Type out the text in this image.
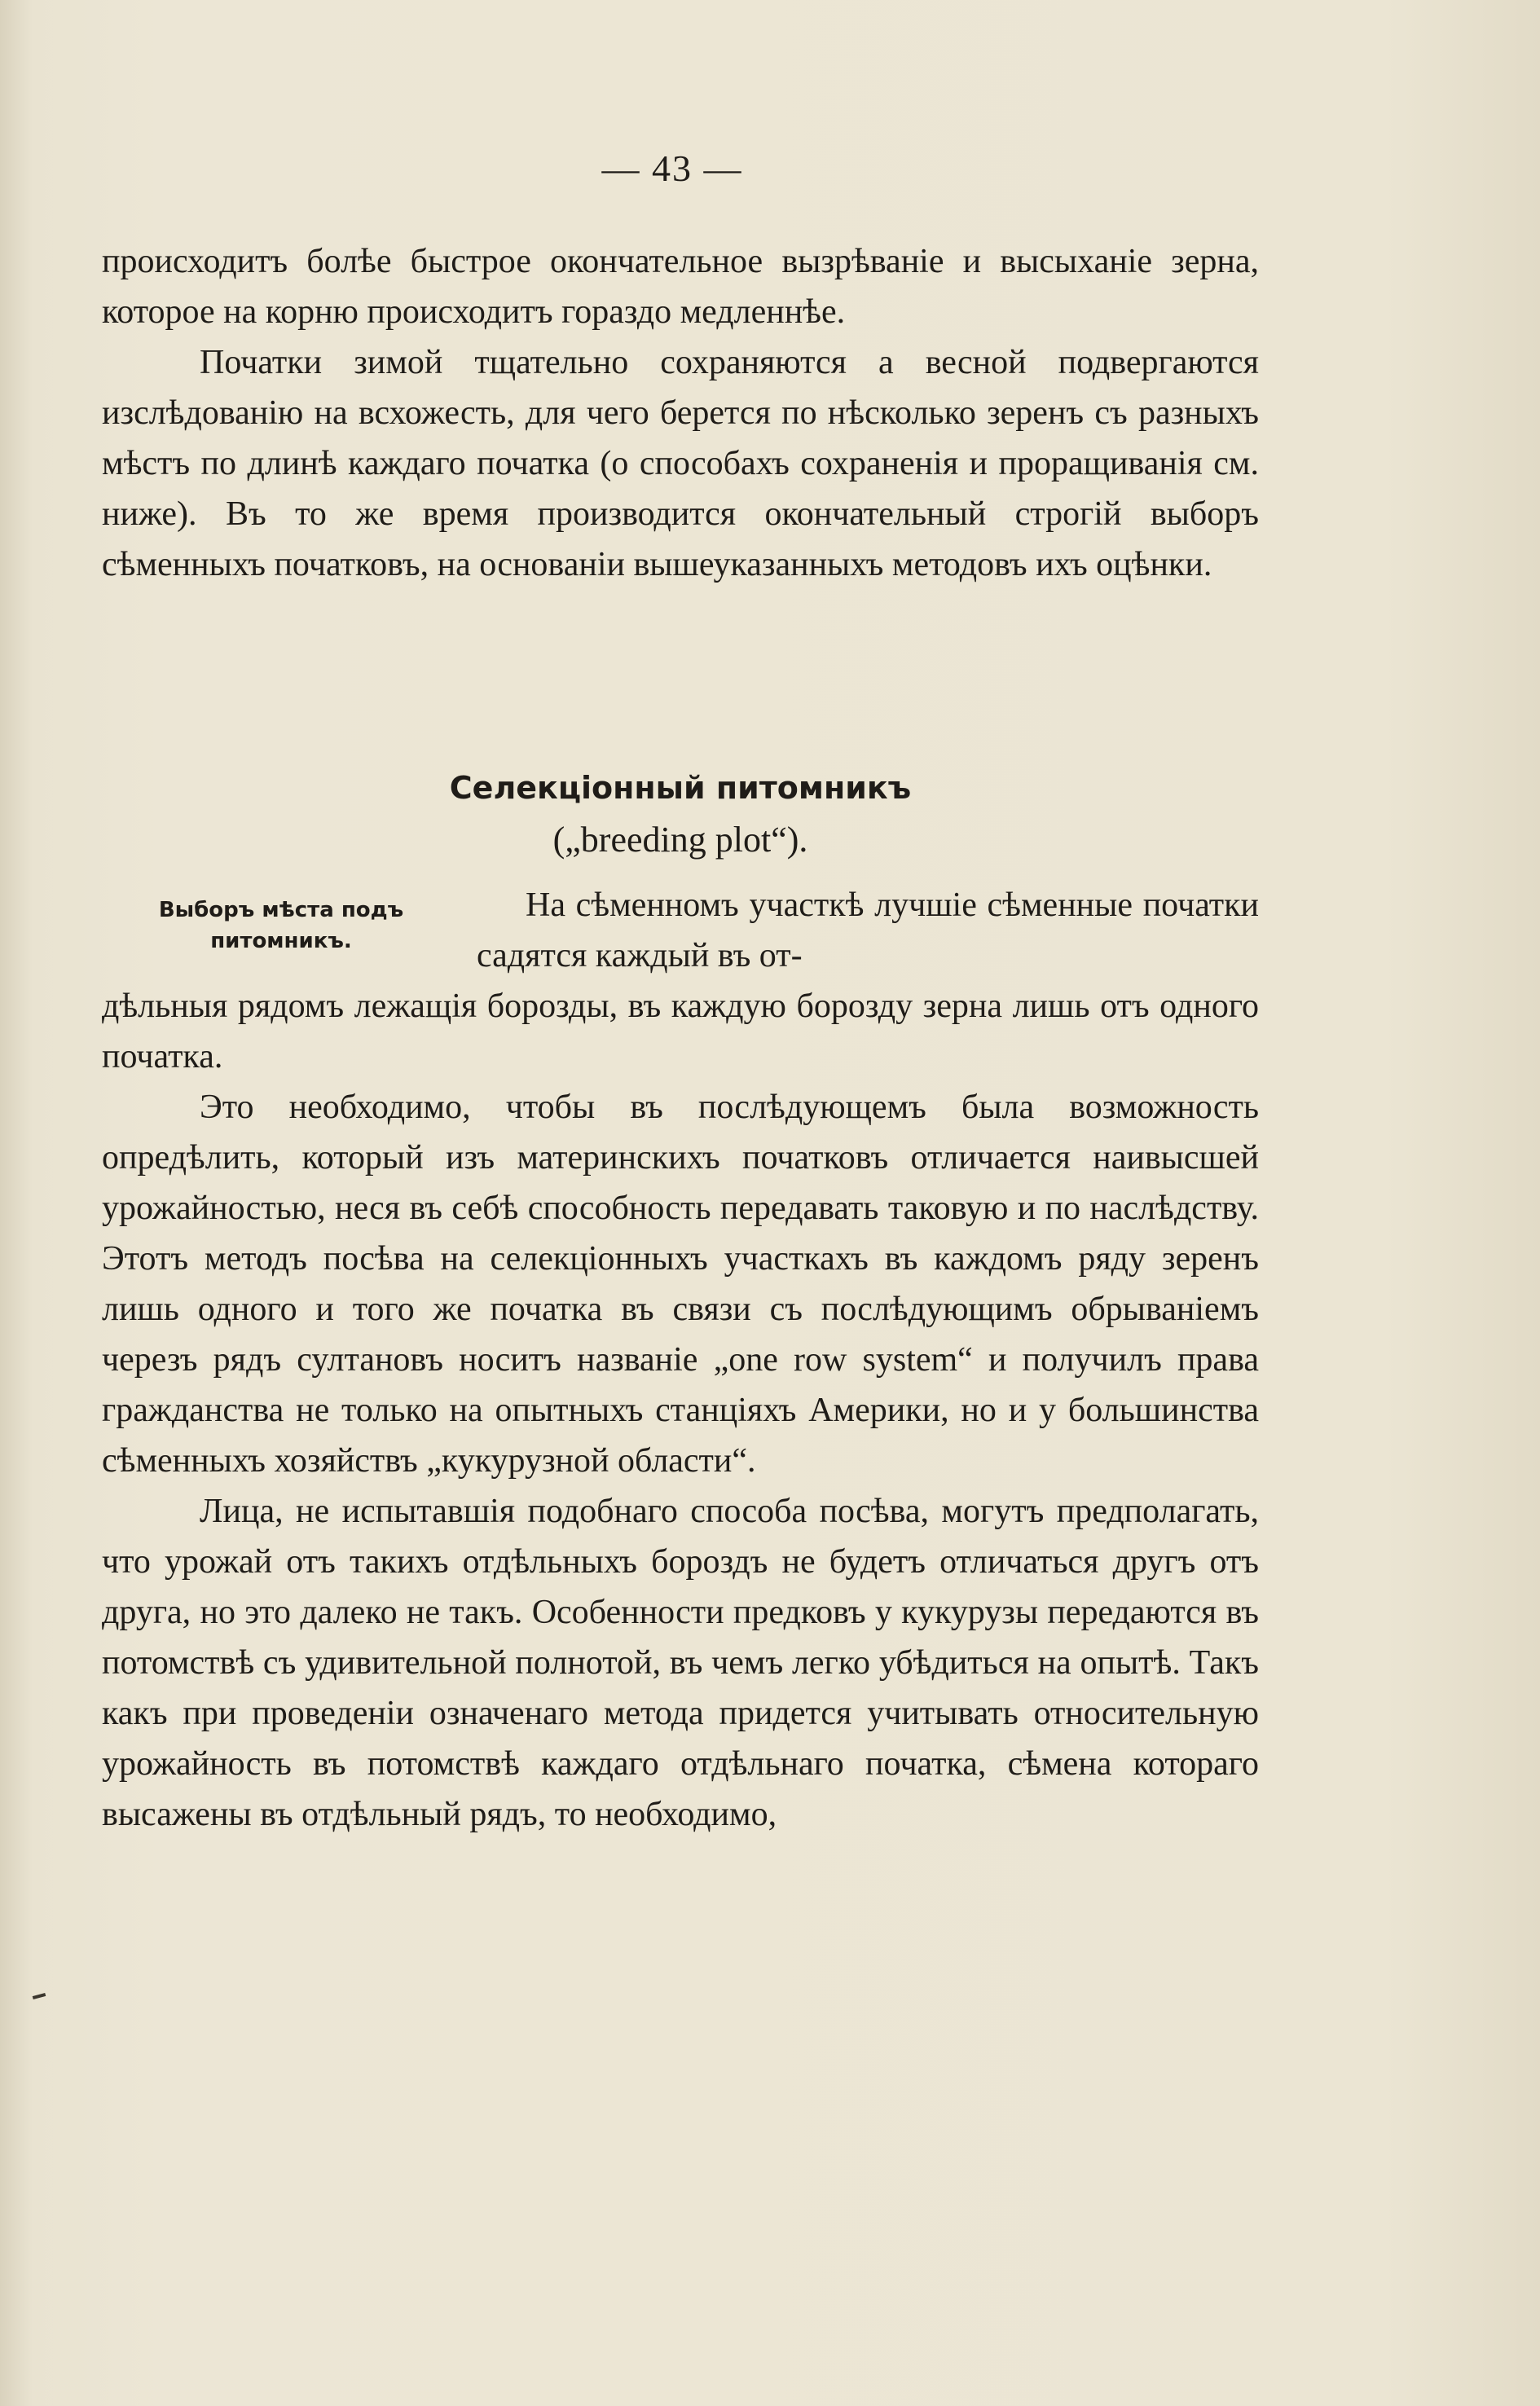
— 43 —

происходитъ болѣе быстрое окончательное вызрѣваніе и высыханіе зерна, которое на корню происходитъ гораздо медленнѣе.

Початки зимой тщательно сохраняются а весной подвергаются изслѣдованію на всхожесть, для чего берется по нѣсколько зеренъ съ разныхъ мѣстъ по длинѣ каждаго початка (о способахъ сохраненія и проращиванія см. ниже). Въ то же время производится окончательный строгій выборъ сѣменныхъ початковъ, на основаніи вышеуказанныхъ методовъ ихъ оцѣнки.

Селекціонный питомникъ
(„breeding plot“).
Выборъ мѣста подъ питомникъ.

На сѣменномъ участкѣ лучшіе сѣменные початки садятся каждый въ от-

дѣльныя рядомъ лежащія борозды, въ каждую борозду зерна лишь отъ одного початка.

Это необходимо, чтобы въ послѣдующемъ была возможность опредѣлить, который изъ материнскихъ початковъ отличается наивысшей урожайностью, неся въ себѣ способность передавать таковую и по наслѣдству. Этотъ методъ посѣва на селекціонныхъ участкахъ въ каждомъ ряду зеренъ лишь одного и того же початка въ связи съ послѣдующимъ обрываніемъ черезъ рядъ султановъ носитъ названіе „one row system“ и получилъ права гражданства не только на опытныхъ станціяхъ Америки, но и у большинства сѣменныхъ хозяйствъ „кукурузной области“.

Лица, не испытавшія подобнаго способа посѣва, могутъ предполагать, что урожай отъ такихъ отдѣльныхъ бороздъ не будетъ отличаться другъ отъ друга, но это далеко не такъ. Особенности предковъ у кукурузы передаются въ потомствѣ съ удивительной полнотой, въ чемъ легко убѣдиться на опытѣ. Такъ какъ при проведеніи означенаго метода придется учитывать относительную урожайность въ потомствѣ каждаго отдѣльнаго початка, сѣмена котораго высажены въ отдѣльный рядъ, то необходимо,
